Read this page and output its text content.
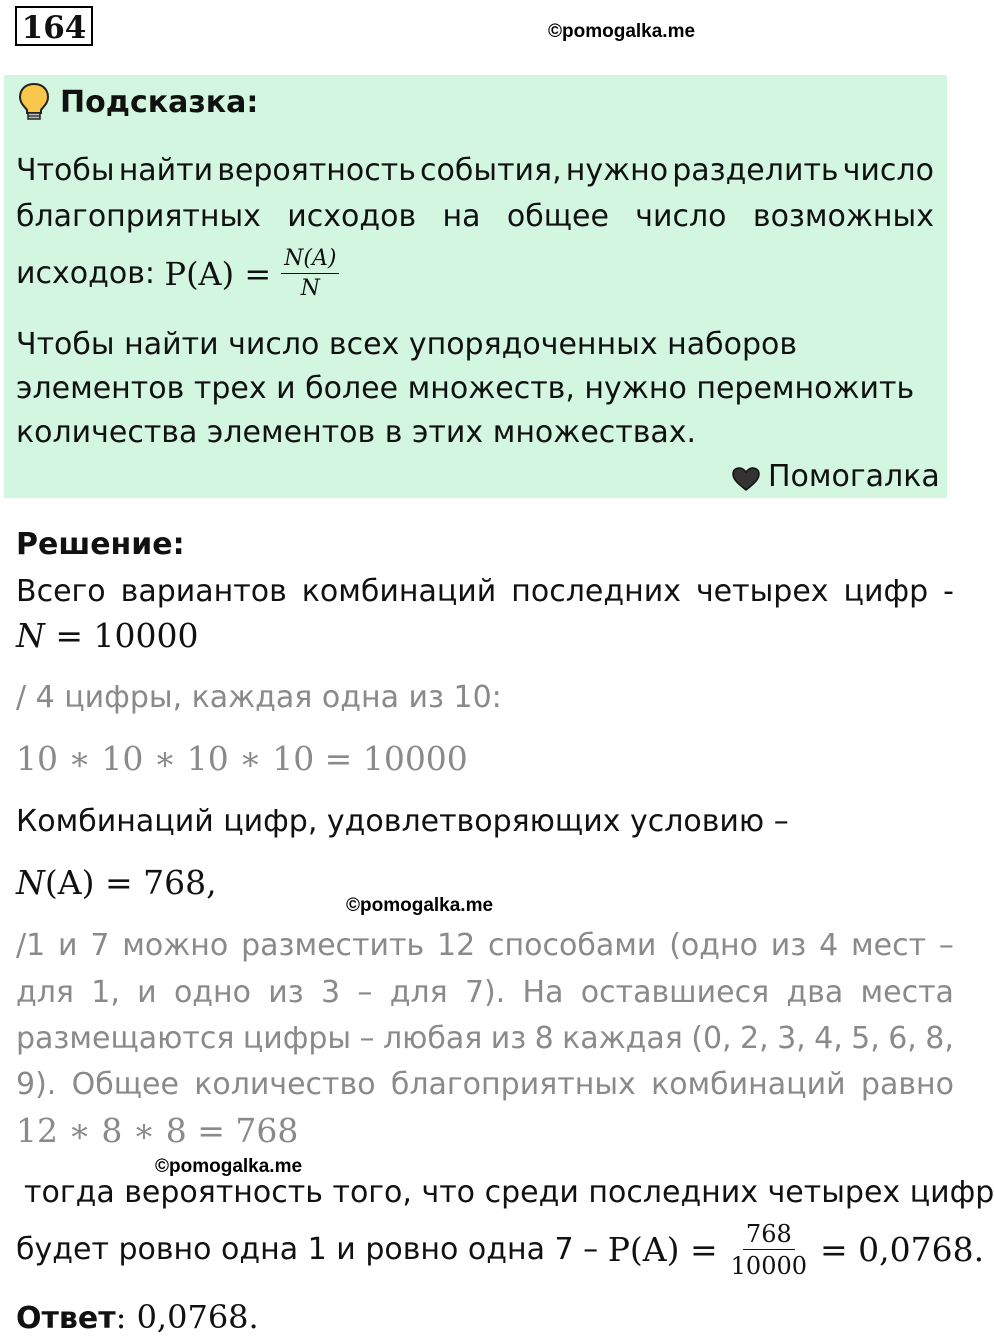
164	©pomogalka.me
Подсказка:
Чтобы найти вероятность события, нужно разделить число
благоприятных исходов на общее число возможных
исходов: $P(A) = \frac{N(A)}{N}$
Чтобы найти число всех упорядоченных наборов
элементов трех и более множеств, нужно перемножить
количества элементов в этих множествах.
Помогалка
Решение:
Всего вариантов комбинаций последних четырех цифр -
N = 10000
/ 4 цифры, каждая одна из 10:
10 ∗ 10 ∗ 10 ∗ 10 = 10000
Комбинаций цифр, удовлетворяющих условию –
N(A) = 768,
©pomogalka.me
/1 и 7 можно разместить 12 способами (одно из 4 мест –
для 1, и одно из 3 – для 7). На оставшиеся два места
размещаются цифры – любая из 8 каждая (0, 2, 3, 4, 5, 6, 8,
9). Общее количество благоприятных комбинаций равно
12 ∗ 8 ∗ 8 = 768
©pomogalka.me
тогда вероятность того, что среди последних четырех цифр
будет ровно одна 1 и ровно одна $7 - P(A) = \frac{768}{10000} = 0,0768$.
Ответ: 0,0768.
